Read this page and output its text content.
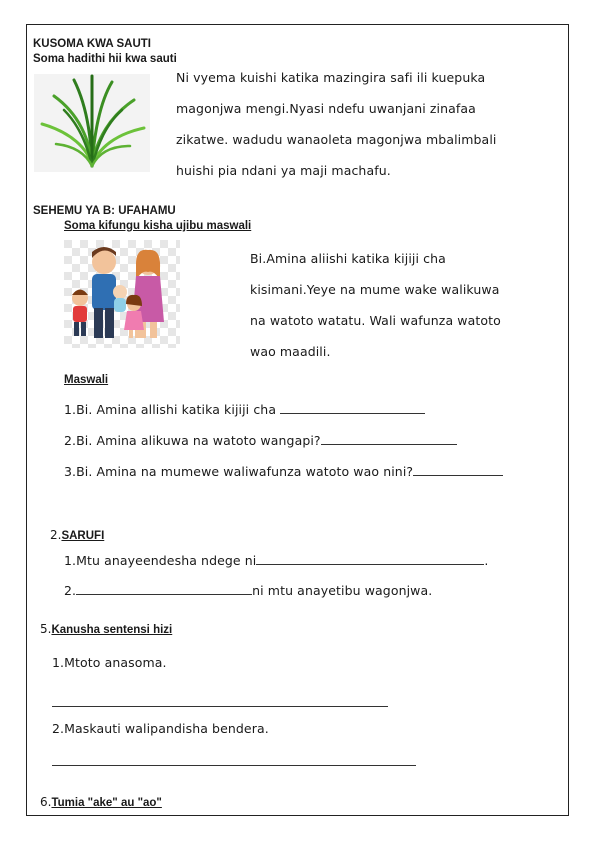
KUSOMA KWA SAUTI
Soma hadithi hii kwa sauti
Ni vyema kuishi katika mazingira safi ili kuepuka
magonjwa mengi.Nyasi ndefu uwanjani zinafaa
zikatwe. wadudu wanaoleta magonjwa mbalimbali
huishi pia ndani ya maji machafu.
SEHEMU YA B: UFAHAMU
Soma kifungu kisha ujibu maswali
Bi.Amina aliishi katika kijiji cha
kisimani.Yeye na mume wake walikuwa
na watoto watatu. Wali wafunza watoto
wao maadili.
Maswali
1.Bi. Amina allishi katika kijiji cha
2.Bi. Amina alikuwa na watoto wangapi?
3.Bi. Amina na mumewe waliwafunza watoto wao nini?
2.SARUFI
1.Mtu anayeendesha ndege ni	.
2.	ni mtu anayetibu wagonjwa.
5.Kanusha sentensi hizi
1.Mtoto anasoma.
2.Maskauti walipandisha bendera.
6.Tumia "ake" au "ao"
